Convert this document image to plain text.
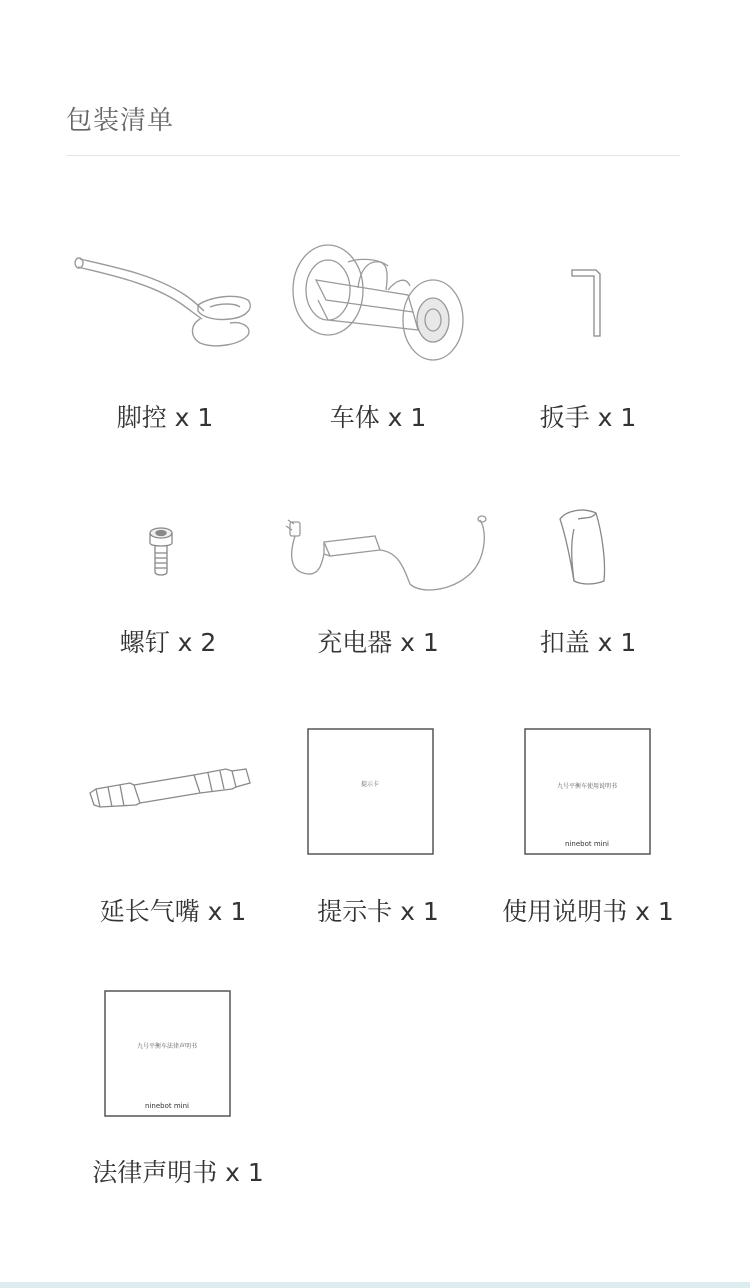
包装清单
脚控 x 1	车体 x 1	扳手 x 1
螺钉 x 2	充电器 x 1	扣盖 x 1
提示卡	九号平衡车使用说明书
ninebot mini
延长气嘴 x 1	提示卡 x 1	使用说明书 x 1
九号平衡车法律声明书
ninebot mini
法律声明书 x 1
